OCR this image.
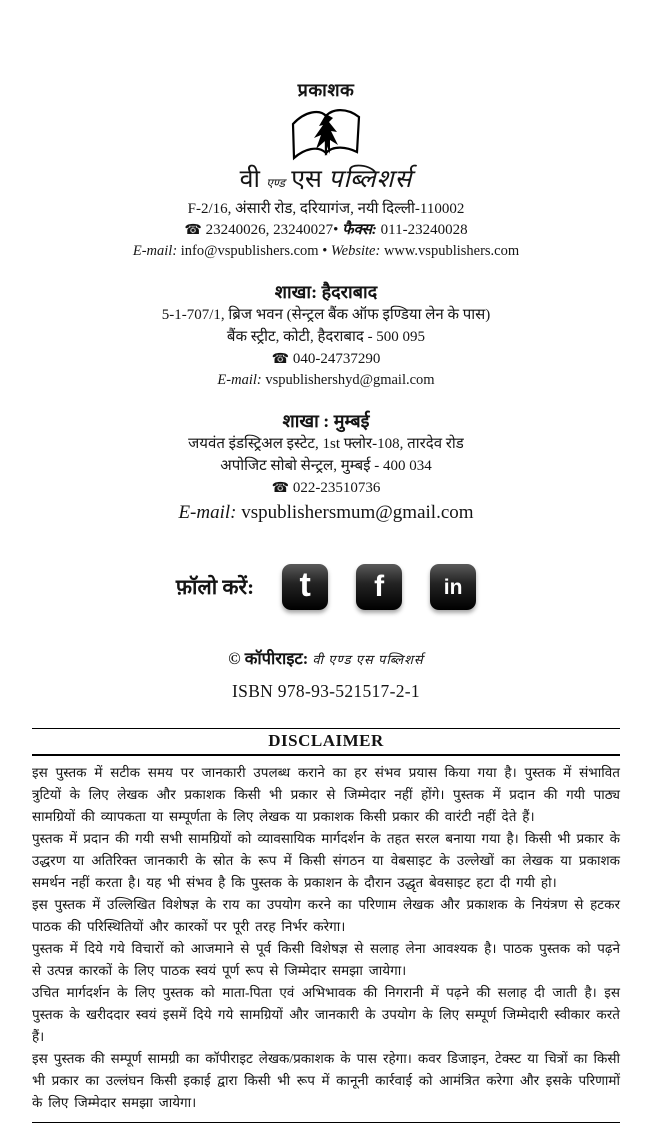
प्रकाशक
वी एण्ड एस पब्लिशर्स
F-2/16, अंसारी रोड, दरियागंज, नयी दिल्ली-110002
☎ 23240026, 23240027• फैक्स: 011-23240028
E-mail: info@vspublishers.com • Website: www.vspublishers.com
शाखा: हैदराबाद
5-1-707/1, ब्रिज भवन (सेन्ट्रल बैंक ऑफ इण्डिया लेन के पास)
बैंक स्ट्रीट, कोटी, हैदराबाद - 500 095
☎ 040-24737290
E-mail: vspublishershyd@gmail.com
शाखा : मुम्बई
जयवंत इंडस्ट्रिअल इस्टेट, 1st फ्लोर-108, तारदेव रोड
अपोजिट सोबो सेन्ट्रल, मुम्बई - 400 034
☎ 022-23510736
E-mail: vspublishersmum@gmail.com
फ़ॉलो करें: t f	in
© कॉपीराइट: वी एण्ड एस पब्लिशर्स
ISBN 978-93-521517-2-1
DISCLAIMER

इस पुस्तक में सटीक समय पर जानकारी उपलब्ध कराने का हर संभव प्रयास किया गया है। पुस्तक में संभावित त्रुटियों के लिए लेखक और प्रकाशक किसी भी प्रकार से जिम्मेदार नहीं होंगे। पुस्तक में प्रदान की गयी पाठ्य सामग्रियों की व्यापकता या सम्पूर्णता के लिए लेखक या प्रकाशक किसी प्रकार की वारंटी नहीं देते हैं।

पुस्तक में प्रदान की गयी सभी सामग्रियों को व्यावसायिक मार्गदर्शन के तहत सरल बनाया गया है। किसी भी प्रकार के उद्धरण या अतिरिक्त जानकारी के स्रोत के रूप में किसी संगठन या वेबसाइट के उल्लेखों का लेखक या प्रकाशक समर्थन नहीं करता है। यह भी संभव है कि पुस्तक के प्रकाशन के दौरान उद्धृत बेवसाइट हटा दी गयी हो।

इस पुस्तक में उल्लिखित विशेषज्ञ के राय का उपयोग करने का परिणाम लेखक और प्रकाशक के नियंत्रण से हटकर पाठक की परिस्थितियों और कारकों पर पूरी तरह निर्भर करेगा।

पुस्तक में दिये गये विचारों को आजमाने से पूर्व किसी विशेषज्ञ से सलाह लेना आवश्यक है। पाठक पुस्तक को पढ़ने से उत्पन्न कारकों के लिए पाठक स्वयं पूर्ण रूप से जिम्मेदार समझा जायेगा।

उचित मार्गदर्शन के लिए पुस्तक को माता-पिता एवं अभिभावक की निगरानी में पढ़ने की सलाह दी जाती है। इस पुस्तक के खरीददार स्वयं इसमें दिये गये सामग्रियों और जानकारी के उपयोग के लिए सम्पूर्ण जिम्मेदारी स्वीकार करते हैं।

इस पुस्तक की सम्पूर्ण सामग्री का कॉपीराइट लेखक/प्रकाशक के पास रहेगा। कवर डिजाइन, टेक्स्ट या चित्रों का किसी भी प्रकार का उल्लंघन किसी इकाई द्वारा किसी भी रूप में कानूनी कार्रवाई को आमंत्रित करेगा और इसके परिणामों के लिए जिम्मेदार समझा जायेगा।
